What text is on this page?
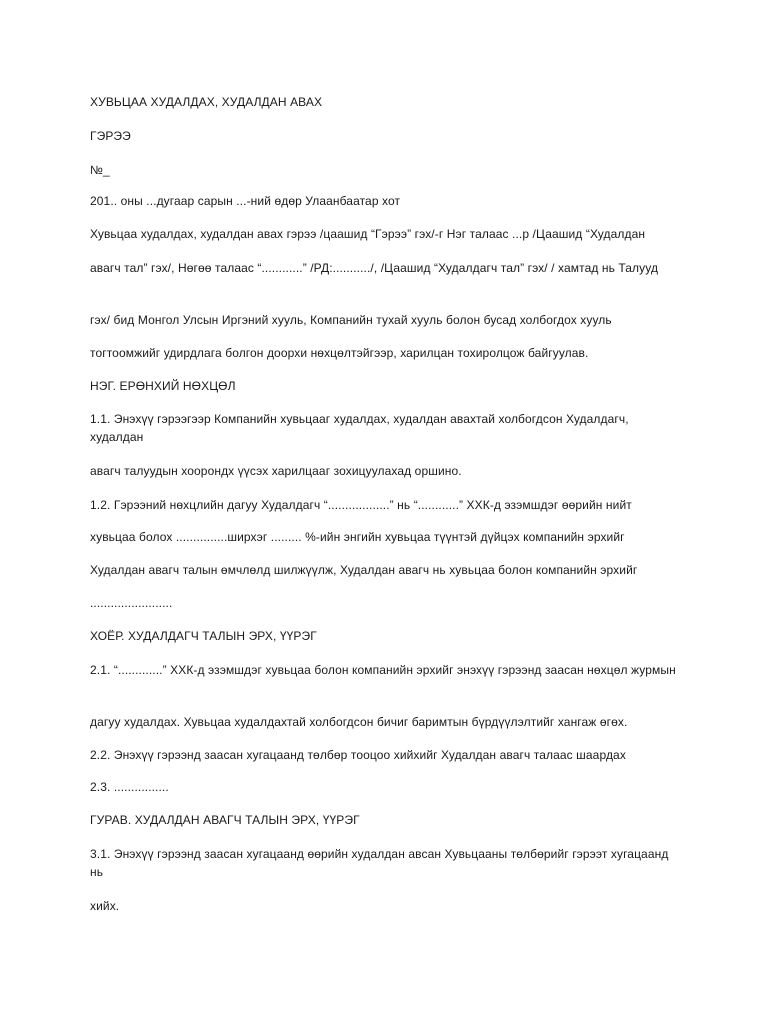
ХУВЬЦАА ХУДАЛДАХ, ХУДАЛДАН АВАХ

ГЭРЭЭ

№_

201.. оны ...дугаар сарын ...-ний өдөр Улаанбаатар хот

Хувьцаа худалдах, худалдан авах гэрээ /цаашид “Гэрээ” гэх/-г Нэг талаас ...р /Цаашид “Худалдан

авагч тал” гэх/, Нөгөө талаас “............” /РД:.........../, /Цаашид “Худалдагч тал” гэх/ / хамтад нь Талууд

гэх/ бид Монгол Улсын Иргэний хууль, Компанийн тухай хууль болон бусад холбогдох хууль

тогтоомжийг удирдлага болгон доорхи нөхцөлтэйгээр, харилцан тохиролцож байгуулав.

НЭГ. ЕРӨНХИЙ НӨХЦӨЛ

1.1. Энэхүү гэрээгээр Компанийн хувьцааг худалдах, худалдан авахтай холбогдсон Худалдагч, худалдан

авагч талуудын хоорондх үүсэх харилцааг зохицуулахад оршино.

1.2. Гэрээний нөхцлийн дагуу Худалдагч “..................” нь “............” ХХК-д эзэмшдэг өөрийн нийт

хувьцаа болох ...............ширхэг ......... %-ийн энгийн хувьцаа түүнтэй дүйцэх компанийн эрхийг

Худалдан авагч талын өмчлөлд шилжүүлж, Худалдан авагч нь хувьцаа болон компанийн эрхийг

........................

ХОЁР. ХУДАЛДАГЧ ТАЛЫН ЭРХ, ҮҮРЭГ

2.1. “.............” ХХК-д эзэмшдэг хувьцаа болон компанийн эрхийг энэхүү гэрээнд заасан нөхцөл журмын

дагуу худалдах. Хувьцаа худалдахтай холбогдсон бичиг баримтын бүрдүүлэлтийг хангаж өгөх.

2.2. Энэхүү гэрээнд заасан хугацаанд төлбөр тооцоо хийхийг Худалдан авагч талаас шаардах

2.3. ................

ГУРАВ. ХУДАЛДАН АВАГЧ ТАЛЫН ЭРХ, ҮҮРЭГ

3.1. Энэхүү гэрээнд заасан хугацаанд өөрийн худалдан авсан Хувьцааны төлбөрийг гэрээт хугацаанд нь

хийх.
